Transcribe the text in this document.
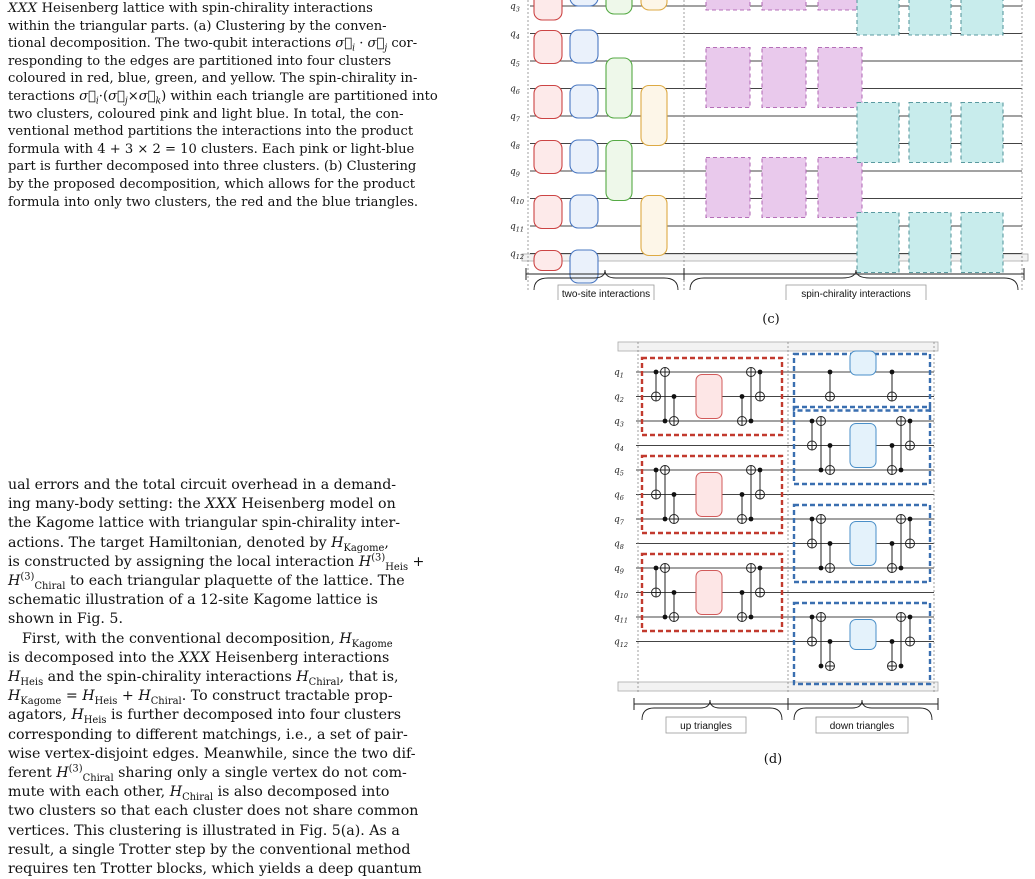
XXX Heisenberg lattice with spin-chirality interactions

within the triangular parts. (a) Clustering by the conven-

tional decomposition. The two-qubit interactions $\sigma⃗_i$ · $\sigma⃗_j$ cor-

responding to the edges are partitioned into four clusters

coloured in red, blue, green, and yellow. The spin-chirality in-

teractions $\sigma⃗_i\cdot(\sigma⃗_j\times\sigma⃗_k)$ within each triangle are partitioned into

two clusters, coloured pink and light blue. In total, the con-

ventional method partitions the interactions into the product

formula with 4 + 3 × 2 = 10 clusters. Each pink or light-blue

part is further decomposed into three clusters. (b) Clustering

by the proposed decomposition, which allows for the product

formula into only two clusters, the red and the blue triangles.

ual errors and the total circuit overhead in a demand-

ing many-body setting: the XXX Heisenberg model on

the Kagome lattice with triangular spin-chirality inter-

actions. The target Hamiltonian, denoted by $H_{Kagome}$,

is constructed by assigning the local interaction $H^{(3)}_{Heis}$ +

$H^{(3)}_{Chiral}$ to each triangular plaquette of the lattice. The

schematic illustration of a 12-site Kagome lattice is

shown in Fig. 5.

First, with the conventional decomposition, $H_{Kagome}$

is decomposed into the XXX Heisenberg interactions

$H_{Heis}$ and the spin-chirality interactions $H_{Chiral}$, that is,

$H_{Kagome} = H_{Heis} + H_{Chiral}$. To construct tractable prop-

agators, $H_{Heis}$ is further decomposed into four clusters

corresponding to different matchings, i.e., a set of pair-

wise vertex-disjoint edges. Meanwhile, since the two dif-

ferent $H^{(3)}_{Chiral}$ sharing only a single vertex do not com-

mute with each other, $H_{Chiral}$ is also decomposed into

two clusters so that each cluster does not share common

vertices. This clustering is illustrated in Fig. 5(a). As a

result, a single Trotter step by the conventional method

requires ten Trotter blocks, which yields a deep quantum

$q_3$
$q_4$
$q_5$
$q_6$
$q_7$
$q_8$
$q_9$
$q_{10}$
$q_{11}$
$q_{12}$
two-site interactions	spin-chirality interactions
(c)
$q_1$
$q_2$
$q_3$
$q_4$
$q_5$
$q_6$
$q_7$
$q_8$
$q_9$
$q_{10}$
$q_{11}$
$q_{12}$
up triangles	down triangles
(d)
